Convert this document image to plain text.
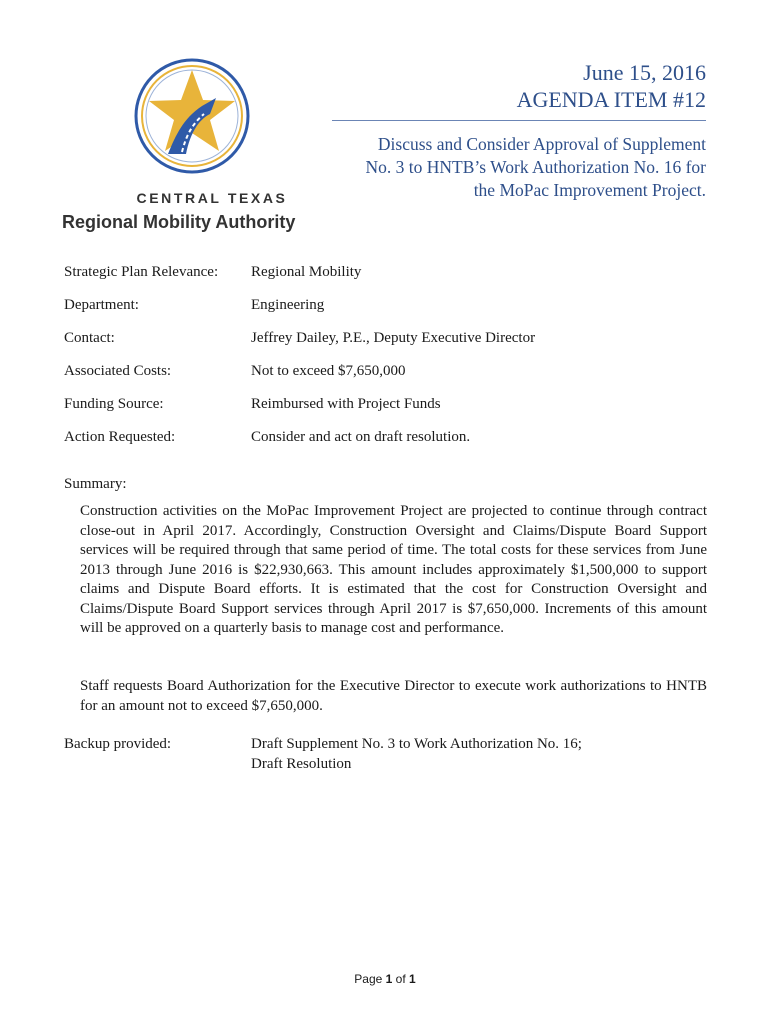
CENTRAL TEXAS
Regional Mobility Authority
June 15, 2016
AGENDA ITEM #12
Discuss and Consider Approval of Supplement
No. 3 to HNTB’s Work Authorization No. 16 for
the MoPac Improvement Project.
Strategic Plan Relevance:	Regional Mobility
Department:	Engineering
Contact:	Jeffrey Dailey, P.E., Deputy Executive Director
Associated Costs:	Not to exceed $7,650,000
Funding Source:	Reimbursed with Project Funds
Action Requested:	Consider and act on draft resolution.
Summary:
Construction activities on the MoPac Improvement Project are projected to continue through contract close-out in April 2017. Accordingly, Construction Oversight and Claims/Dispute Board Support services will be required through that same period of time. The total costs for these services from June 2013 through June 2016 is $22,930,663. This amount includes approximately $1,500,000 to support claims and Dispute Board efforts. It is estimated that the cost for Construction Oversight and Claims/Dispute Board Support services through April 2017 is $7,650,000. Increments of this amount will be approved on a quarterly basis to manage cost and performance.
Staff requests Board Authorization for the Executive Director to execute work authorizations to HNTB for an amount not to exceed $7,650,000.
Backup provided:	Draft Supplement No. 3 to Work Authorization No. 16;
Draft Resolution
Page 1 of 1
